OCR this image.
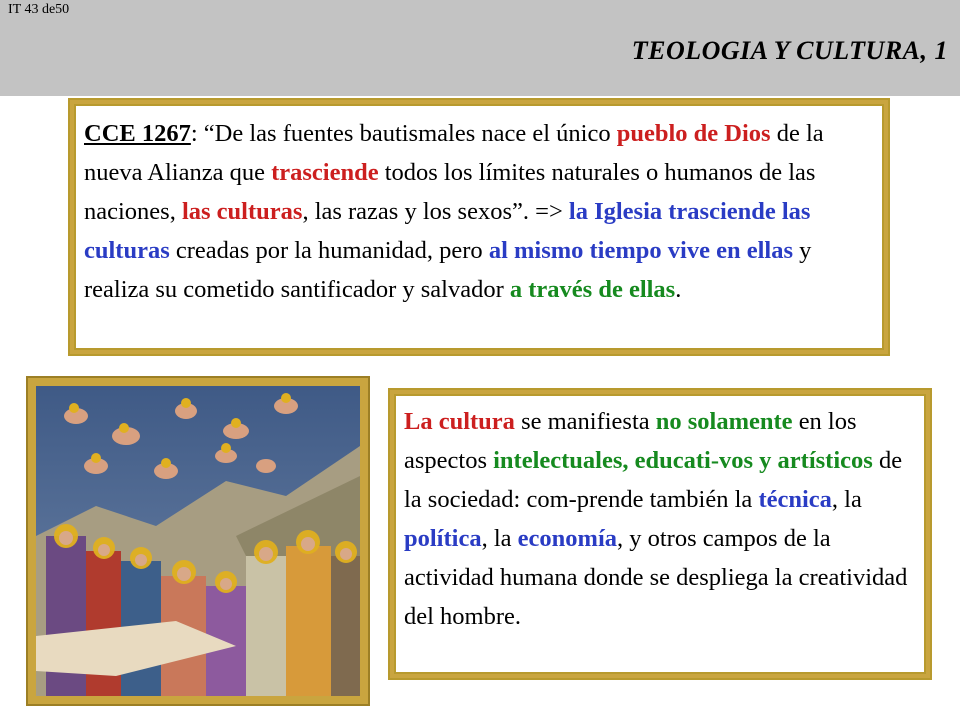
IT 43 de50
TEOLOGIA Y CULTURA, 1
CCE 1267: “De las fuentes bautismales nace el único pueblo de Dios de la nueva Alianza que trasciende todos los límites naturales o humanos de las naciones, las culturas, las razas y los sexos”. => la Iglesia trasciende las culturas creadas por la humanidad, pero al mismo tiempo vive en ellas y realiza su cometido santificador y salvador a través de ellas.
La cultura se manifiesta no solamente en los aspectos intelectuales, educati-vos y artísticos de la sociedad: com-prende también la técnica, la política, la economía, y otros campos de la actividad humana donde se despliega la creatividad del hombre.
